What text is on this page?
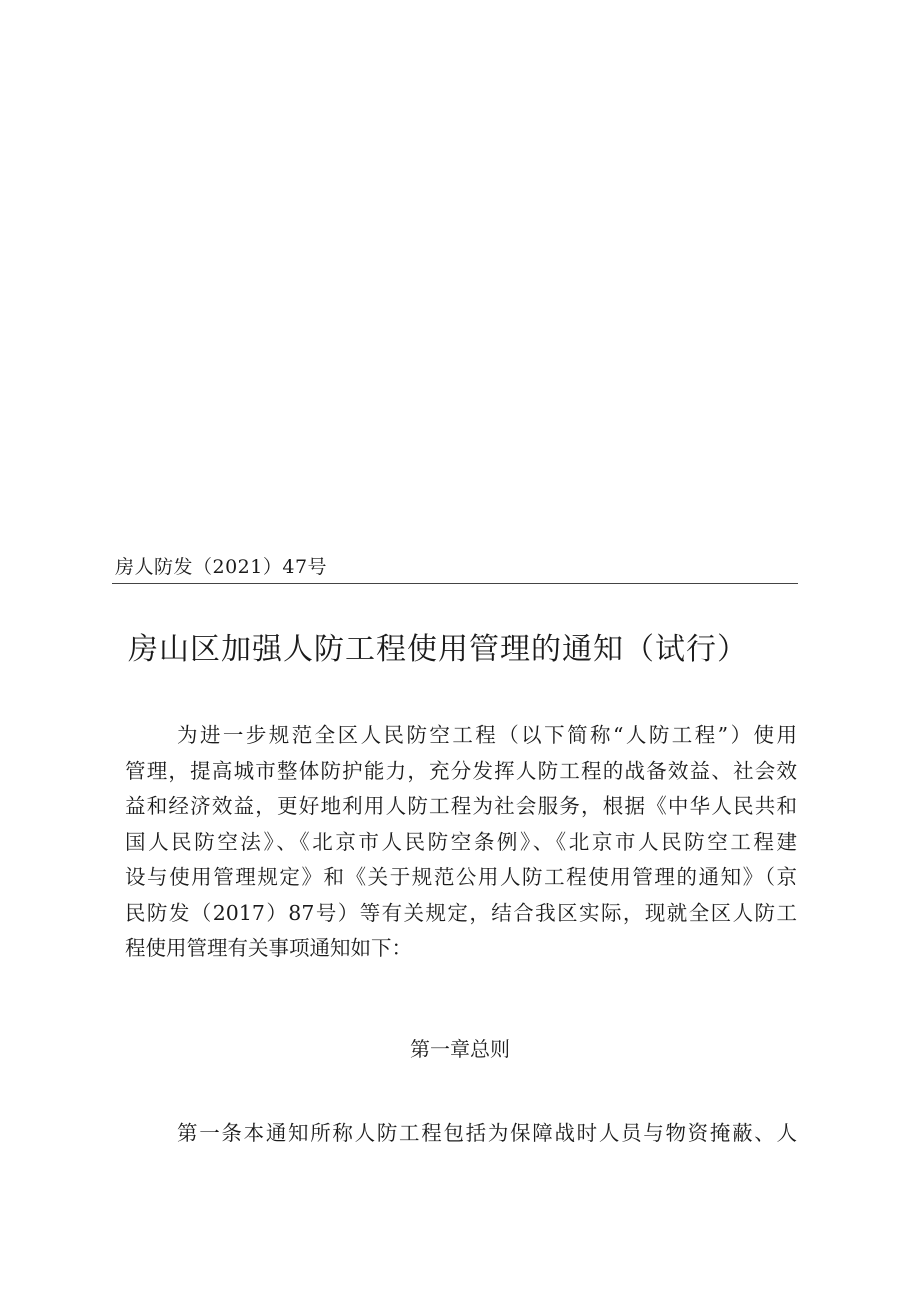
房人防发（2021）47号
房山区加强人防工程使用管理的通知（试行）
为进一步规范全区人民防空工程（以下简称“人防工程”）使用
管理，提高城市整体防护能力，充分发挥人防工程的战备效益、社会效
益和经济效益，更好地利用人防工程为社会服务，根据《中华人民共和
国人民防空法》、《北京市人民防空条例》、《北京市人民防空工程建
设与使用管理规定》和《关于规范公用人防工程使用管理的通知》（京
民防发（2017）87号）等有关规定，结合我区实际，现就全区人防工
程使用管理有关事项通知如下：
第一章总则
第一条本通知所称人防工程包括为保障战时人员与物资掩蔽、人
